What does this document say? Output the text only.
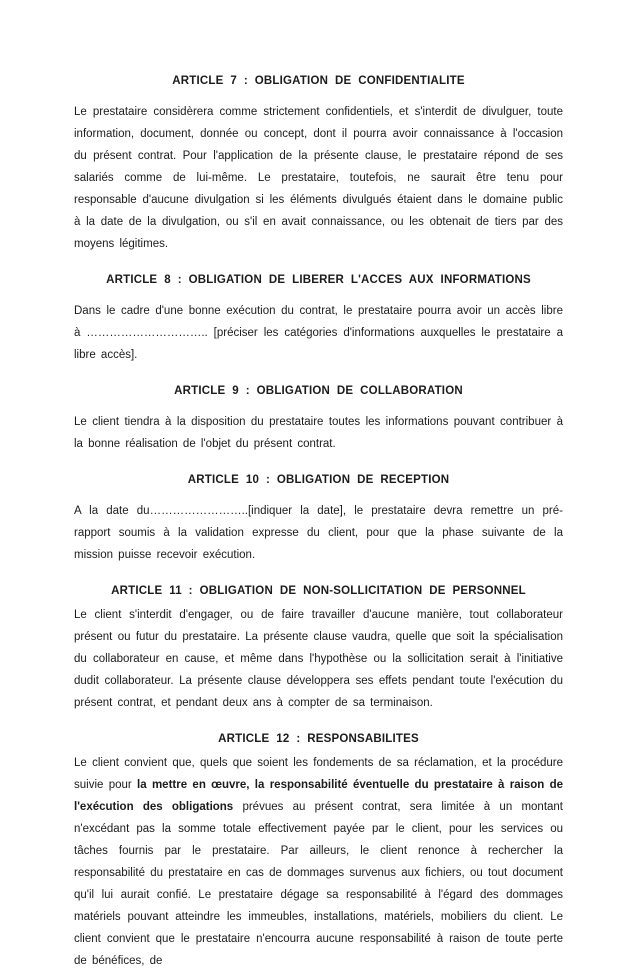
ARTICLE 7 : OBLIGATION DE CONFIDENTIALITE

Le prestataire considèrera comme strictement confidentiels, et s'interdit de divulguer, toute information, document, donnée ou concept, dont il pourra avoir connaissance à l'occasion du présent contrat. Pour l'application de la présente clause, le prestataire répond de ses salariés comme de lui-même. Le prestataire, toutefois, ne saurait être tenu pour responsable d'aucune divulgation si les éléments divulgués étaient dans le domaine public à la date de la divulgation, ou s'il en avait connaissance, ou les obtenait de tiers par des moyens légitimes.

ARTICLE 8 : OBLIGATION DE LIBERER L'ACCES AUX INFORMATIONS

Dans le cadre d'une bonne exécution du contrat, le prestataire pourra avoir un accès libre à ………………………….. [préciser les catégories d'informations auxquelles le prestataire a libre accès].

ARTICLE 9 : OBLIGATION DE COLLABORATION

Le client tiendra à la disposition du prestataire toutes les informations pouvant contribuer à la bonne réalisation de l'objet du présent contrat.

ARTICLE 10 : OBLIGATION DE RECEPTION

A la date du……………………..[indiquer la date], le prestataire devra remettre un pré-rapport soumis à la validation expresse du client, pour que la phase suivante de la mission puisse recevoir exécution.

ARTICLE 11 : OBLIGATION DE NON-SOLLICITATION DE PERSONNEL

Le client s'interdit d'engager, ou de faire travailler d'aucune manière, tout collaborateur présent ou futur du prestataire. La présente clause vaudra, quelle que soit la spécialisation du collaborateur en cause, et même dans l'hypothèse ou la sollicitation serait à l'initiative dudit collaborateur. La présente clause développera ses effets pendant toute l'exécution du présent contrat, et pendant deux ans à compter de sa terminaison.

ARTICLE 12 : RESPONSABILITES

Le client convient que, quels que soient les fondements de sa réclamation, et la procédure suivie pour la mettre en œuvre, la responsabilité éventuelle du prestataire à raison de l'exécution des obligations prévues au présent contrat, sera limitée à un montant n'excédant pas la somme totale effectivement payée par le client, pour les services ou tâches fournis par le prestataire. Par ailleurs, le client renonce à rechercher la responsabilité du prestataire en cas de dommages survenus aux fichiers, ou tout document qu'il lui aurait confié. Le prestataire dégage sa responsabilité à l'égard des dommages matériels pouvant atteindre les immeubles, installations, matériels, mobiliers du client. Le client convient que le prestataire n'encourra aucune responsabilité à raison de toute perte de bénéfices, de
